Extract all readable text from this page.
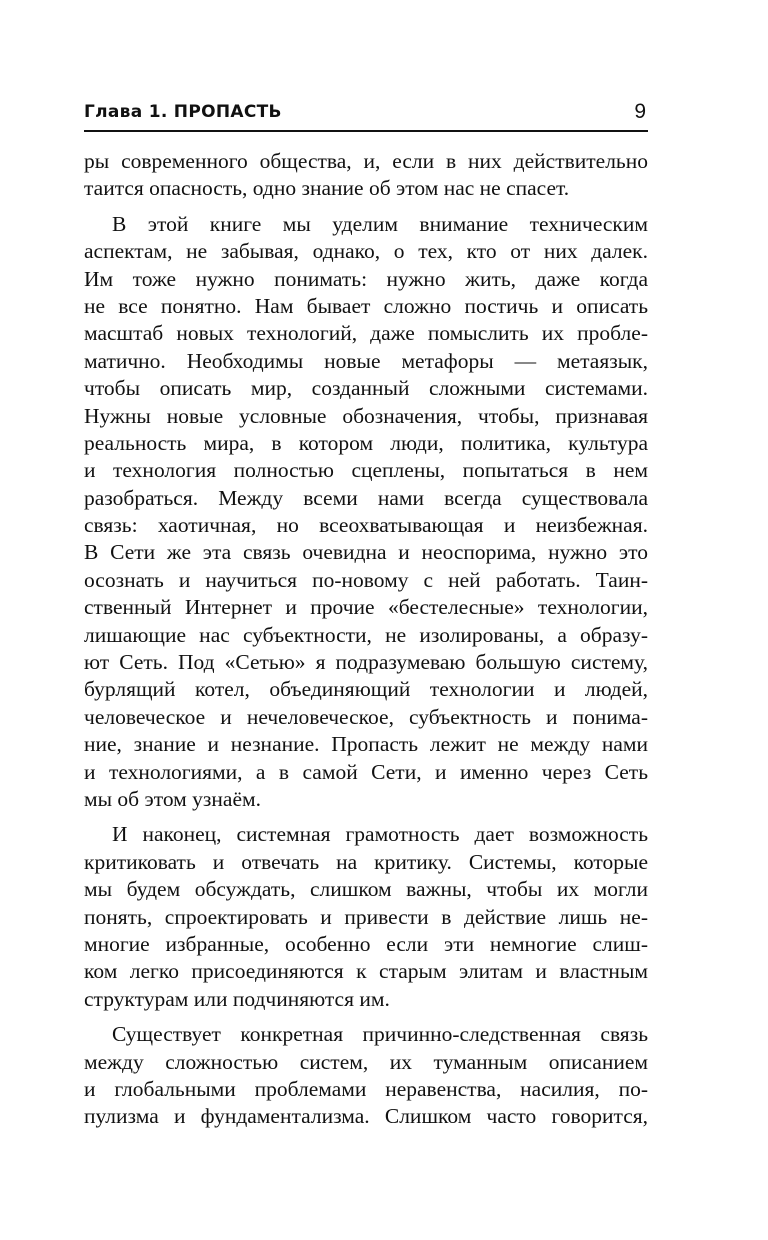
Глава 1. ПРОПАСТЬ	9

ры современного общества, и, если в них действительно
таится опасность, одно знание об этом нас не спасет.

В этой книге мы уделим внимание техническим
аспектам, не забывая, однако, о тех, кто от них далек.
Им тоже нужно понимать: нужно жить, даже когда
не все понятно. Нам бывает сложно постичь и описать
масштаб новых технологий, даже помыслить их пробле-
матично. Необходимы новые метафоры — метаязык,
чтобы описать мир, созданный сложными системами.
Нужны новые условные обозначения, чтобы, признавая
реальность мира, в котором люди, политика, культура
и технология полностью сцеплены, попытаться в нем
разобраться. Между всеми нами всегда существовала
связь: хаотичная, но всеохватывающая и неизбежная.
В Сети же эта связь очевидна и неоспорима, нужно это
осознать и научиться по-новому с ней работать. Таин-
ственный Интернет и прочие «бестелесные» технологии,
лишающие нас субъектности, не изолированы, а образу-
ют Сеть. Под «Сетью» я подразумеваю большую систему,
бурлящий котел, объединяющий технологии и людей,
человеческое и нечеловеческое, субъектность и понима-
ние, знание и незнание. Пропасть лежит не между нами
и технологиями, а в самой Сети, и именно через Сеть
мы об этом узнаём.

И наконец, системная грамотность дает возможность
критиковать и отвечать на критику. Системы, которые
мы будем обсуждать, слишком важны, чтобы их могли
понять, спроектировать и привести в действие лишь не-
многие избранные, особенно если эти немногие слиш-
ком легко присоединяются к старым элитам и властным
структурам или подчиняются им.

Существует конкретная причинно-следственная связь
между сложностью систем, их туманным описанием
и глобальными проблемами неравенства, насилия, по-
пулизма и фундаментализма. Слишком часто говорится,
